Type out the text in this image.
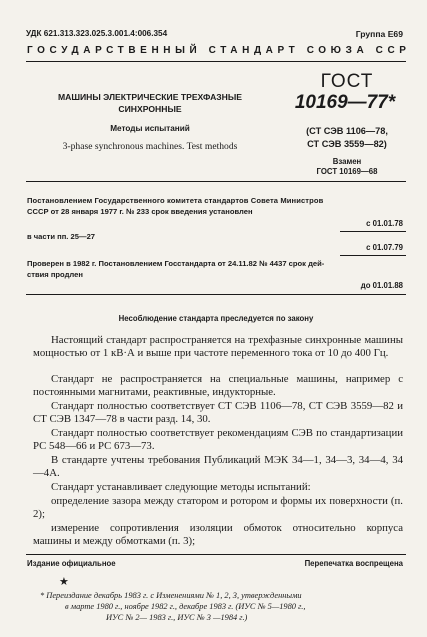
УДК 621.313.323.025.3.001.4:006.354	Группа Е69
ГОСУДАРСТВЕННЫЙ СТАНДАРТ СОЮЗА ССР
МАШИНЫ ЭЛЕКТРИЧЕСКИЕ ТРЕХФАЗНЫЕ
СИНХРОННЫЕ
Методы испытаний
3-phase synchronous machines. Test methods
ГОСТ
10169—77*
(СТ СЭВ 1106—78,
СТ СЭВ 3559—82)
Взамен
ГОСТ 10169—68
Постановлением Государственного комитета стандартов Совета Министров
СССР от 28 января 1977 г. № 233 срок введения установлен
с 01.01.78
в части пп. 25—27
с 01.07.79
Проверен в 1982 г. Постановлением Госстандарта от 24.11.82 № 4437 срок дей-
ствия продлен
до 01.01.88
Несоблюдение стандарта преследуется по закону
Настоящий стандарт распространяется на трехфазные синхронные машины мощностью от 1 кВ·А и выше при частоте переменного тока от 10 до 400 Гц.
Стандарт не распространяется на специальные машины, например с постоянными магнитами, реактивные, индукторные.
Стандарт полностью соответствует СТ СЭВ 1106—78, СТ СЭВ 3559—82 и СТ СЭВ 1347—78 в части разд. 14, 30.
Стандарт полностью соответствует рекомендациям СЭВ по стандартизации РС 548—66 и РС 673—73.
В стандарте учтены требования Публикаций МЭК 34—1, 34—3, 34—4, 34—4А.
Стандарт устанавливает следующие методы испытаний:
определение зазора между статором и ротором и формы их поверхности (п. 2);
измерение сопротивления изоляции обмоток относительно корпуса машины и между обмотками (п. 3);
Издание официальное	Перепечатка воспрещена
★
* Переиздание декабрь 1983 г. с Изменениями № 1, 2, 3, утвержденными
в марте 1980 г., ноябре 1982 г., декабре 1983 г. (ИУС № 5—1980 г.,
ИУС № 2— 1983 г., ИУС № 3 —1984 г.)
